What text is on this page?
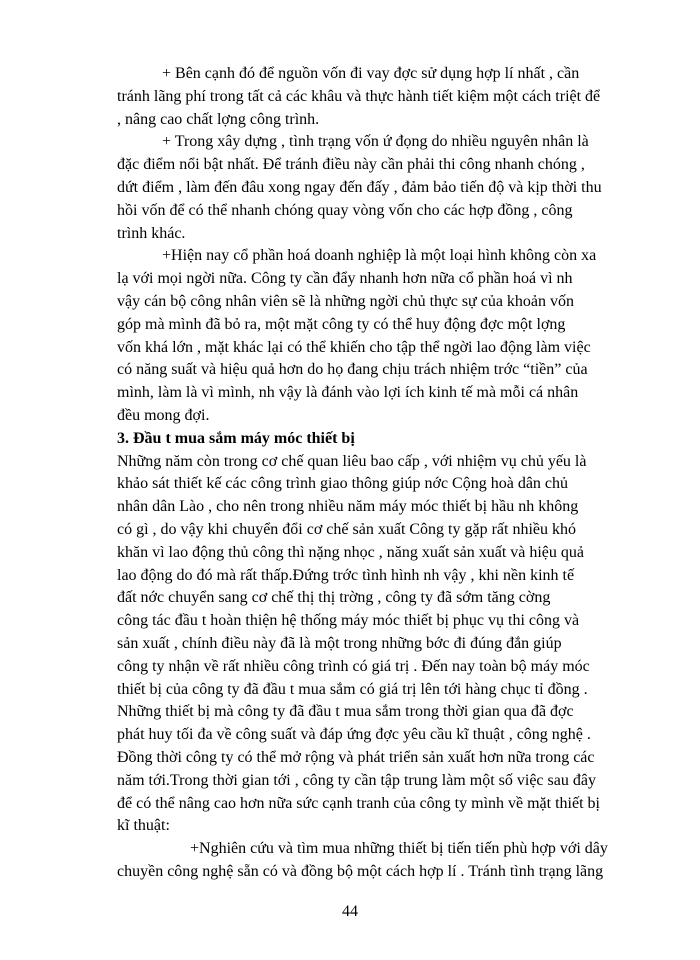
+ Bên cạnh đó để nguồn vốn đi vay đợc sử dụng hợp lí nhất , cần
tránh lãng phí trong tất cả các khâu và thực hành tiết kiệm một cách triệt để
, nâng cao chất lợng công trình.
+ Trong xây dựng , tình trạng vốn ứ đọng do nhiều nguyên nhân là
đặc điểm nổi bật nhất. Để tránh điều này cần phải thi công nhanh chóng ,
dứt điểm , làm đến đâu xong ngay đến đấy , đảm bảo tiến độ và kịp thời thu
hồi vốn để có thể nhanh chóng quay vòng vốn cho các hợp đồng , công
trình khác.
+Hiện nay cổ phần hoá doanh nghiệp là một loại hình không còn xa
lạ với mọi ngời nữa. Công ty cần đẩy nhanh hơn nữa cổ phần hoá vì nh
vậy cán bộ công nhân viên sẽ là những ngời chủ thực sự của khoản vốn
góp mà mình đã bỏ ra, một mặt công ty có thể huy động đợc một lợng
vốn khá lớn , mặt khác lại có thể khiến cho tập thể ngời lao động làm việc
có năng suất và hiệu quả hơn do họ đang chịu trách nhiệm trớc “tiền” của
mình, làm là vì mình, nh vậy là đánh vào lợi ích kinh tế mà mỗi cá nhân
đều mong đợi.
3. Đầu t mua sắm máy móc thiết bị
Những năm còn trong cơ chế quan liêu bao cấp , với nhiệm vụ chủ yếu là
khảo sát thiết kế các công trình giao thông giúp nớc Cộng hoà dân chủ
nhân dân Lào , cho nên trong nhiều năm máy móc thiết bị hầu nh không
có gì , do vậy khi chuyển đổi cơ chế sản xuất Công ty gặp rất nhiều khó
khăn vì lao động thủ công thì nặng nhọc , năng xuất sản xuất và hiệu quả
lao động do đó mà rất thấp.Đứng trớc tình hình nh vậy , khi nền kinh tế
đất nớc chuyển sang cơ chế thị thị trờng , công ty đã sớm tăng cờng
công tác đầu t hoàn thiện hệ thống máy móc thiết bị phục vụ thi công và
sản xuất , chính điều này đã là một trong những bớc đi đúng đắn giúp
công ty nhận về rất nhiều công trình có giá trị . Đến nay toàn bộ máy móc
thiết bị của công ty đã đầu t mua sắm có giá trị lên tới hàng chục tỉ đồng .
Những thiết bị mà công ty đã đầu t mua sắm trong thời gian qua đã đợc
phát huy tối đa về công suất và đáp ứng đợc yêu cầu kĩ thuật , công nghệ .
Đồng thời công ty có thể mở rộng và phát triển sản xuất hơn nữa trong các
năm tới.Trong thời gian tới , công ty cần tập trung làm một số việc sau đây
để có thể nâng cao hơn nữa sức cạnh tranh của công ty mình về mặt thiết bị
kĩ thuật:
+Nghiên cứu và tìm mua những thiết bị tiến tiến phù hợp với dây
chuyền công nghệ sẵn có và đồng bộ một cách hợp lí . Tránh tình trạng lãng
44
